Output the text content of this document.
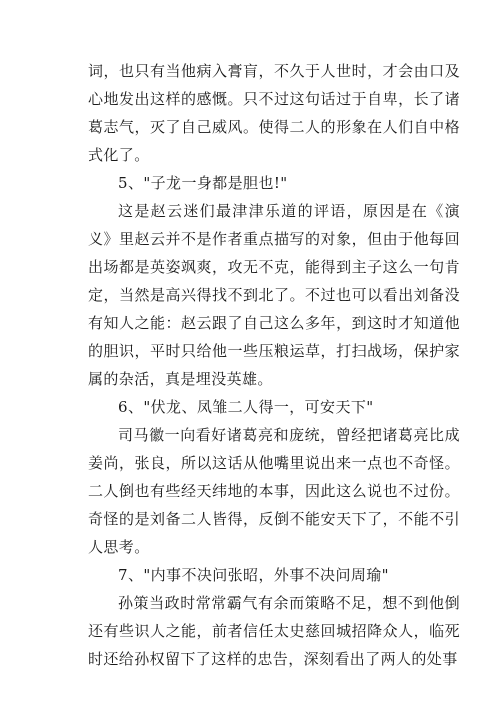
词，也只有当他病入膏肓，不久于人世时，才会由口及心地发出这样的感慨。只不过这句话过于自卑，长了诸葛志气，灭了自己威风。使得二人的形象在人们自中格式化了。

5、"子龙一身都是胆也!"

这是赵云迷们最津津乐道的评语，原因是在《演义》里赵云并不是作者重点描写的对象，但由于他每回出场都是英姿飒爽，攻无不克，能得到主子这么一句肯定，当然是高兴得找不到北了。不过也可以看出刘备没有知人之能：赵云跟了自己这么多年，到这时才知道他的胆识，平时只给他一些压粮运草，打扫战场，保护家属的杂活，真是埋没英雄。

6、"伏龙、凤雏二人得一，可安天下"

司马徽一向看好诸葛亮和庞统，曾经把诸葛亮比成姜尚，张良，所以这话从他嘴里说出来一点也不奇怪。二人倒也有些经天纬地的本事，因此这么说也不过份。奇怪的是刘备二人皆得，反倒不能安天下了，不能不引人思考。

7、"内事不决问张昭，外事不决问周瑜"

孙策当政时常常霸气有余而策略不足，想不到他倒还有些识人之能，前者信任太史慈回城招降众人，临死时还给孙权留下了这样的忠告，深刻看出了两人的处事
